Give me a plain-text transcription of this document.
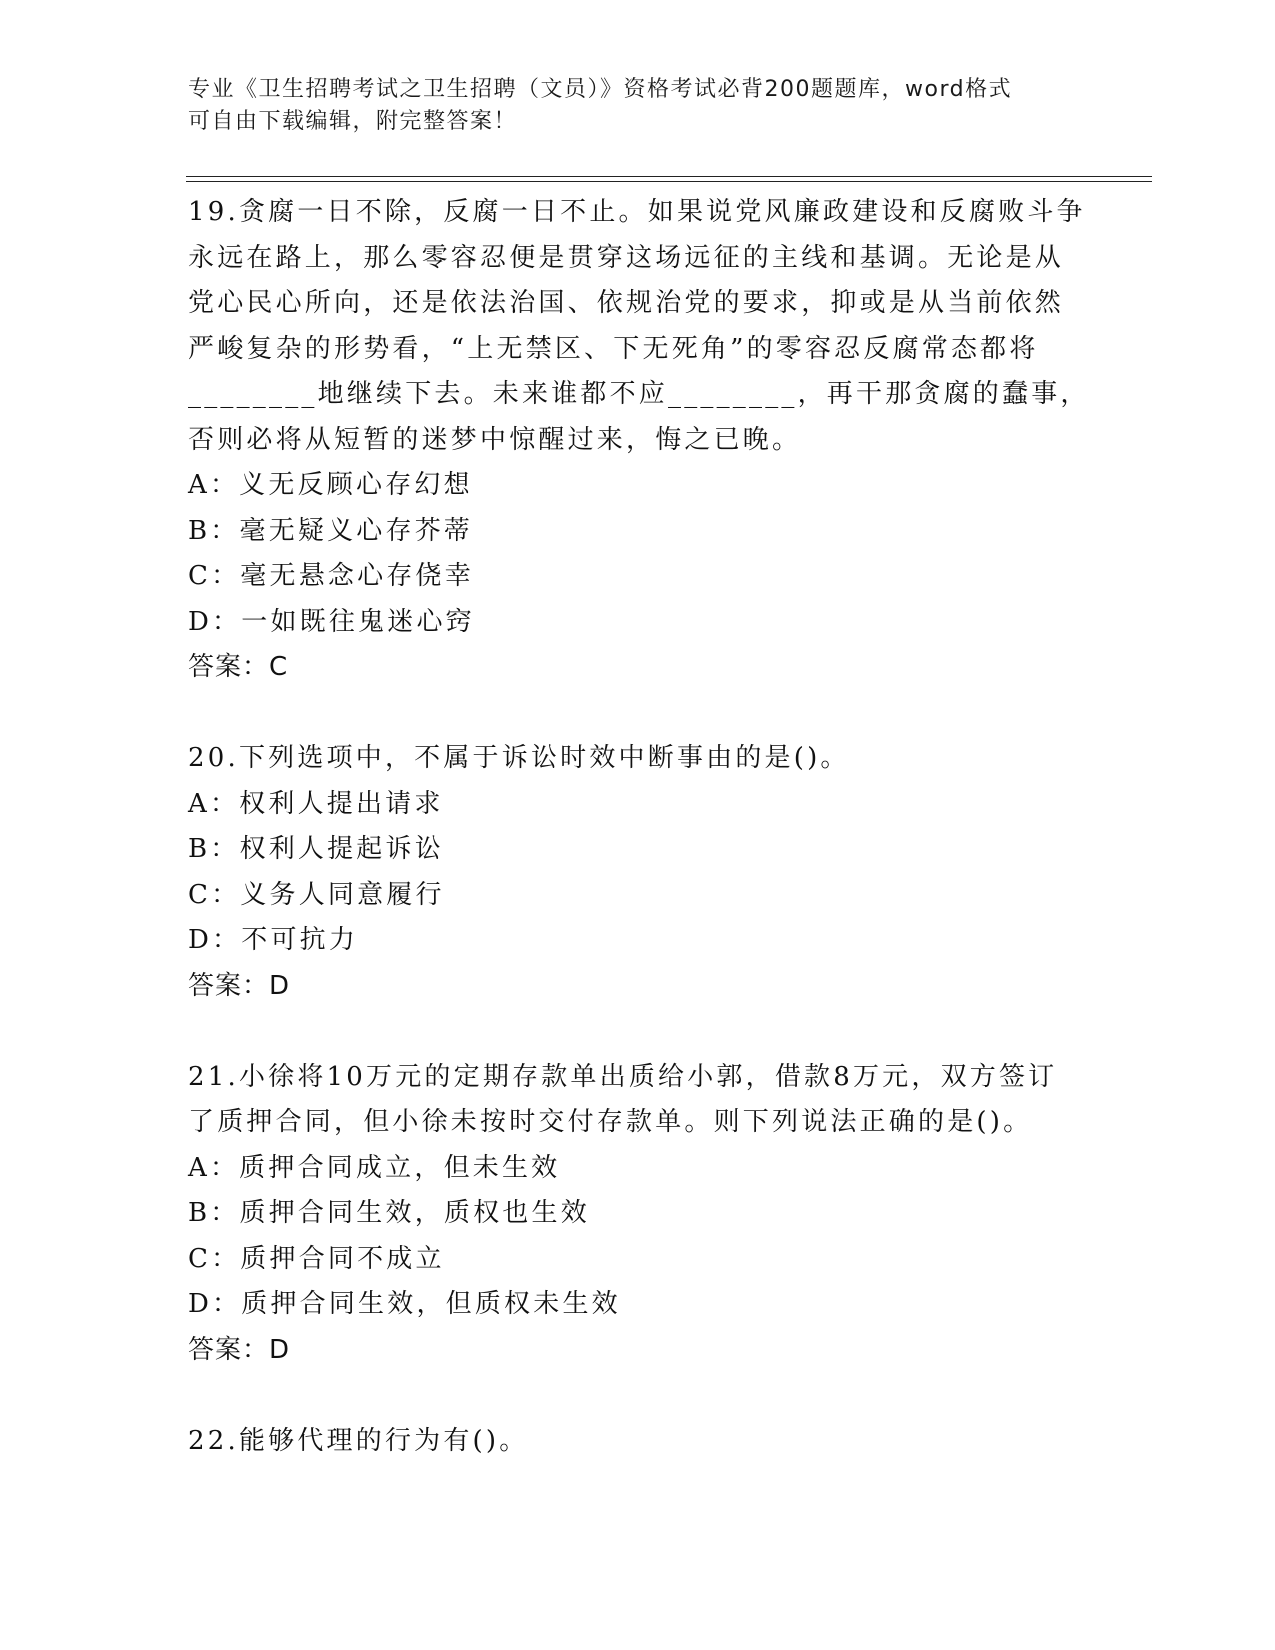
专业《卫生招聘考试之卫生招聘（文员）》资格考试必背200题题库，word格式
可自由下载编辑，附完整答案！
19.贪腐一日不除，反腐一日不止。如果说党风廉政建设和反腐败斗争
永远在路上，那么零容忍便是贯穿这场远征的主线和基调。无论是从
党心民心所向，还是依法治国、依规治党的要求，抑或是从当前依然
严峻复杂的形势看，“上无禁区、下无死角”的零容忍反腐常态都将
________地继续下去。未来谁都不应________，再干那贪腐的蠢事，
否则必将从短暂的迷梦中惊醒过来，悔之已晚。
A：义无反顾心存幻想
B：毫无疑义心存芥蒂
C：毫无悬念心存侥幸
D：一如既往鬼迷心窍
答案：C
20.下列选项中，不属于诉讼时效中断事由的是()。
A：权利人提出请求
B：权利人提起诉讼
C：义务人同意履行
D：不可抗力
答案：D
21.小徐将10万元的定期存款单出质给小郭，借款8万元，双方签订
了质押合同，但小徐未按时交付存款单。则下列说法正确的是()。
A：质押合同成立，但未生效
B：质押合同生效，质权也生效
C：质押合同不成立
D：质押合同生效，但质权未生效
答案：D
22.能够代理的行为有()。
